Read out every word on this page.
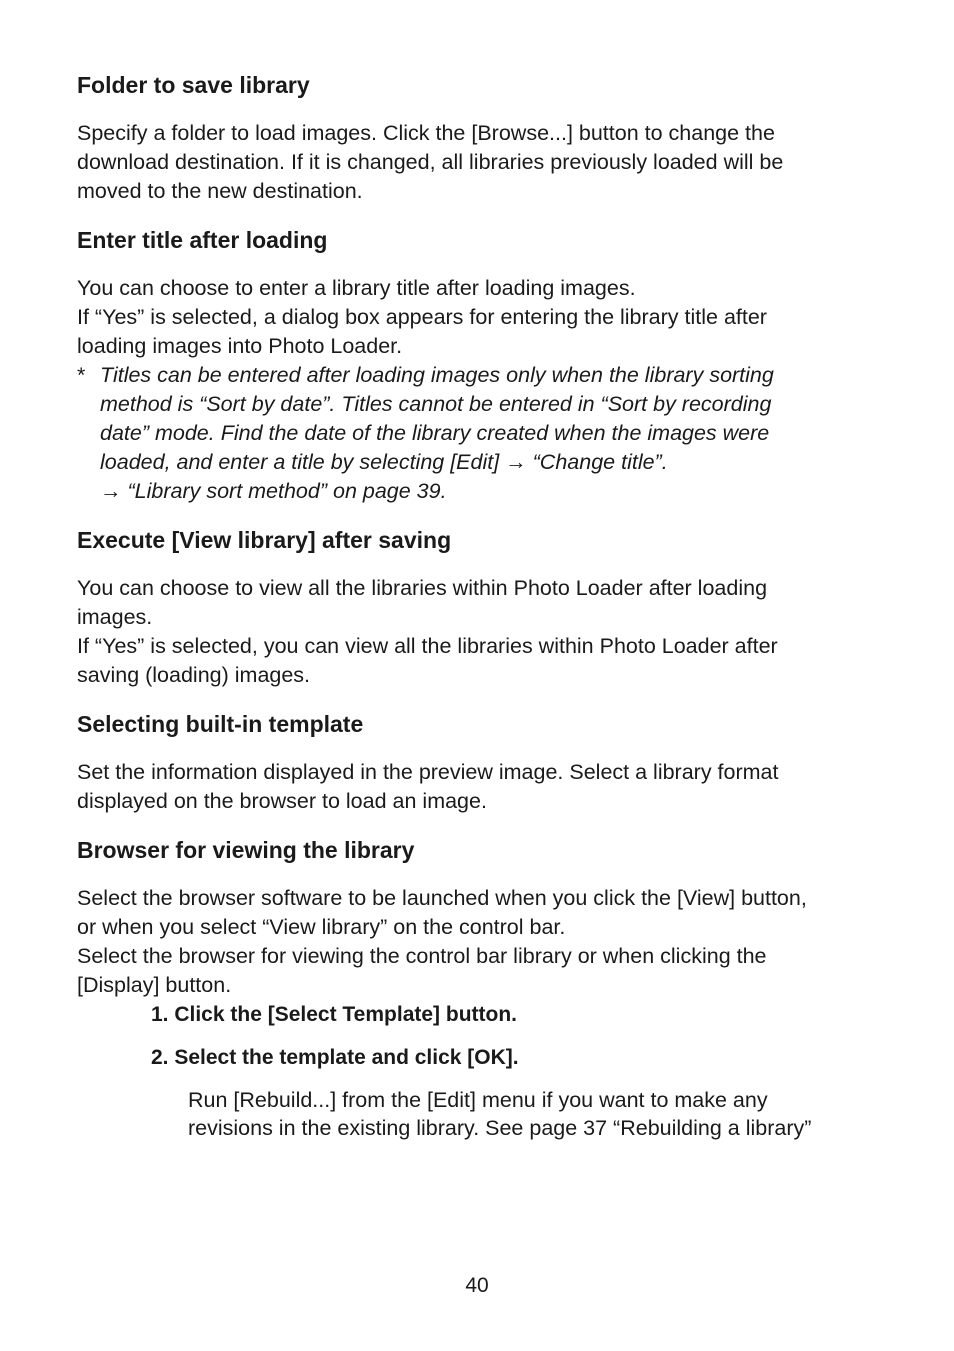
Folder to save library

Specify a folder to load images. Click the [Browse...] button to change the
download destination. If it is changed, all libraries previously loaded will be
moved to the new destination.

Enter title after loading

You can choose to enter a library title after loading images.
If “Yes” is selected, a dialog box appears for entering the library title after
loading images into Photo Loader.

* Titles can be entered after loading images only when the library sorting
method is “Sort by date”. Titles cannot be entered in “Sort by recording
date” mode. Find the date of the library created when the images were
loaded, and enter a title by selecting [Edit] → “Change title”.
→ “Library sort method” on page 39.
Execute [View library] after saving

You can choose to view all the libraries within Photo Loader after loading
images.
If “Yes” is selected, you can view all the libraries within Photo Loader after
saving (loading) images.

Selecting built-in template

Set the information displayed in the preview image. Select a library format
displayed on the browser to load an image.

Browser for viewing the library

Select the browser software to be launched when you click the [View] button,
or when you select “View library” on the control bar.
Select the browser for viewing the control bar library or when clicking the
[Display] button.

1. Click the [Select Template] button.
2. Select the template and click [OK].

Run [Rebuild...] from the [Edit] menu if you want to make any
revisions in the existing library. See page 37 “Rebuilding a library”

40
